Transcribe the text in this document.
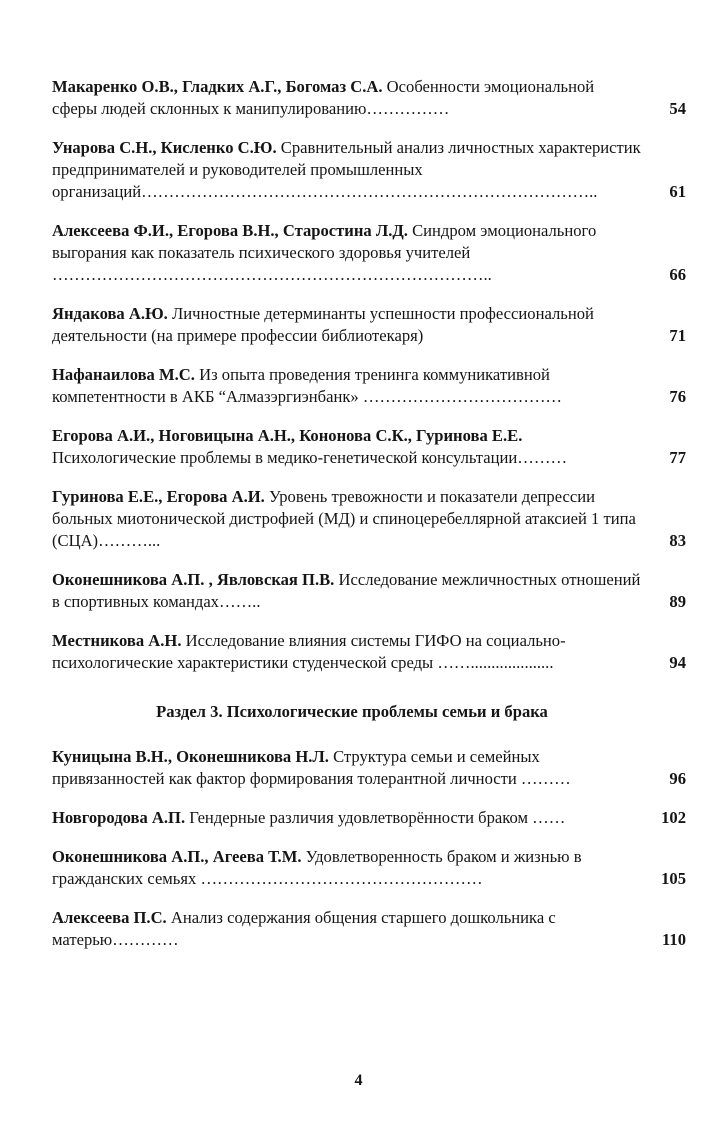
Макаренко О.В., Гладких А.Г., Богомаз С.А. Особенности эмоциональной сферы людей склонных к манипулированию……………	54
Унарова С.Н., Кисленко С.Ю. Сравнительный анализ личностных характеристик предпринимателей и руководителей промышленных организаций………………………………………………………………………..	61
Алексеева Ф.И., Егорова В.Н., Старостина Л.Д. Синдром эмоционального выгорания как показатель психического здоровья учителей ……………………………………………………………………..	66
Яндакова А.Ю. Личностные детерминанты успешности профессиональной деятельности (на примере профессии библиотекаря)	71
Нафанаилова М.С. Из опыта проведения тренинга коммуникативной компетентности в АКБ “Алмазэргиэнбанк» ………………………………	76
Егорова А.И., Ноговицына А.Н., Кононова С.К., Гуринова Е.Е. Психологические проблемы в медико-генетической консультации………	77
Гуринова Е.Е., Егорова А.И. Уровень тревожности и показатели депрессии больных миотонической дистрофией (МД) и спиноцеребеллярной атаксией 1 типа (СЦА)………...	83
Оконешникова А.П. , Явловская П.В. Исследование межличностных отношений в спортивных командах……..	89
Местникова А.Н. Исследование влияния системы ГИФО на социально-психологические характеристики студенческой среды ……....................	94
Раздел 3. Психологические проблемы семьи и брака
Куницына В.Н., Оконешникова Н.Л. Структура семьи и семейных привязанностей как фактор формирования толерантной личности ………	96
Новгородова А.П. Гендерные различия удовлетворённости браком ……	102
Оконешникова А.П., Агеева Т.М. Удовлетворенность браком и жизнью в гражданских семьях ……………………………………………	105
Алексеева П.С. Анализ содержания общения старшего дошкольника с матерью…………	110
4
